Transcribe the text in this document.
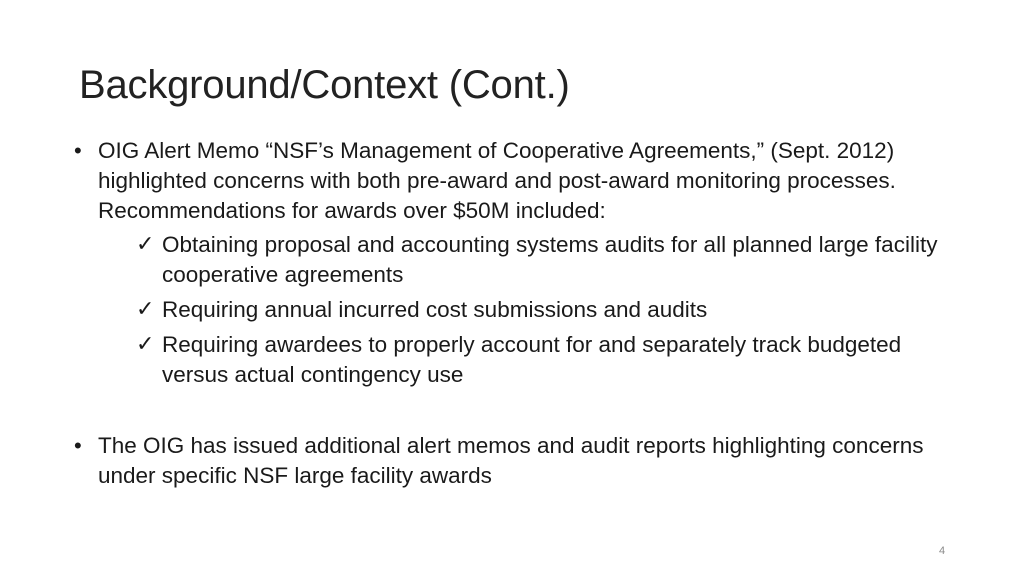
Background/Context (Cont.)
• OIG Alert Memo “NSF’s Management of Cooperative Agreements,” (Sept. 2012) highlighted concerns with both pre-award and post-award monitoring processes. Recommendations for awards over $50M included:
✓ Obtaining proposal and accounting systems audits for all planned large facility cooperative agreements
✓ Requiring annual incurred cost submissions and audits
✓ Requiring awardees to properly account for and separately track budgeted versus actual contingency use
• The OIG has issued additional alert memos and audit reports highlighting concerns under specific NSF large facility awards
4
